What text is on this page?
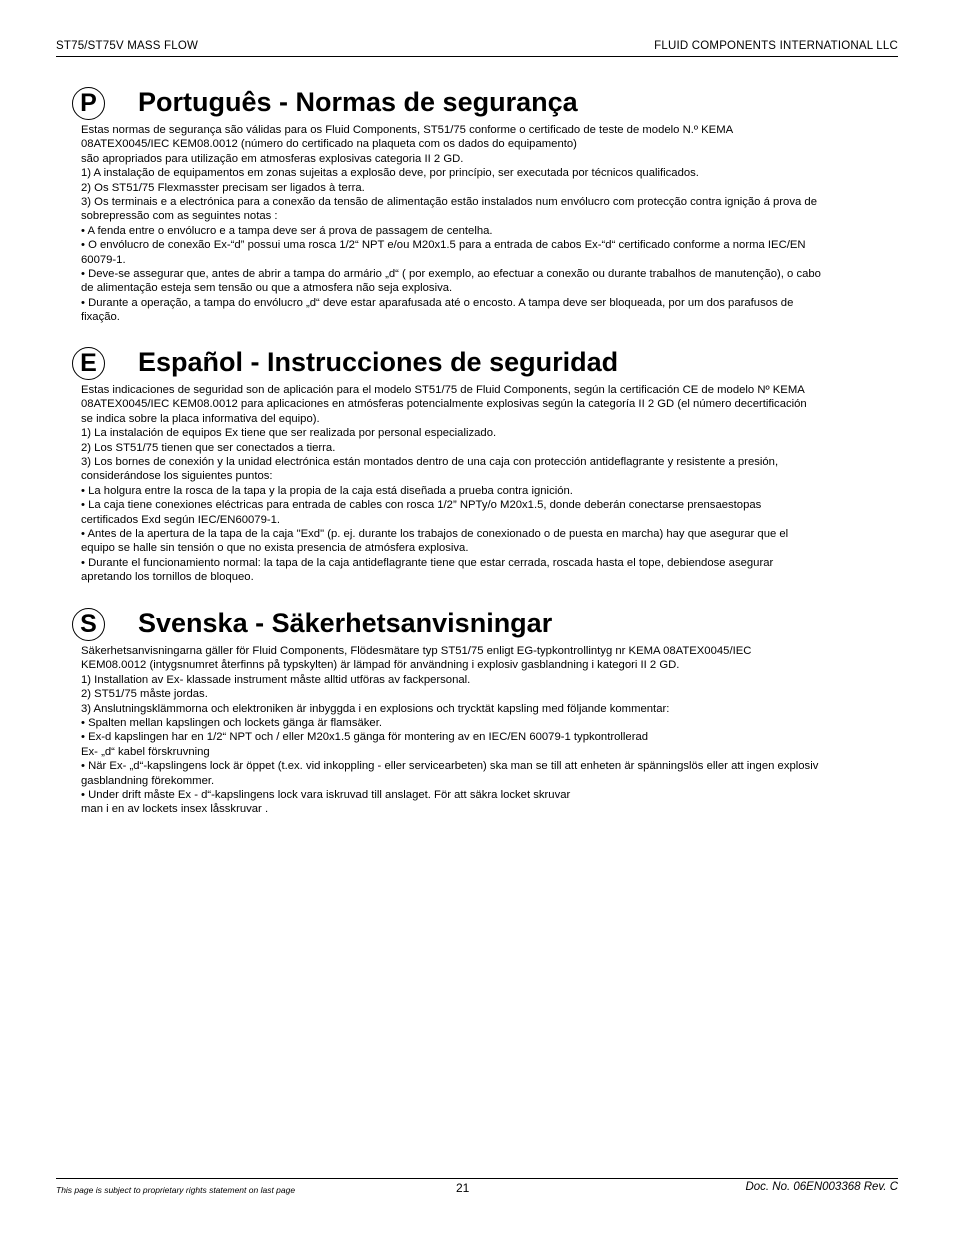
ST75/ST75V MASS FLOW	FLUID COMPONENTS INTERNATIONAL LLC
P	Português - Normas de segurança

Estas normas de segurança são válidas para os Fluid Components, ST51/75 conforme o certificado de teste de modelo N.º KEMA

08ATEX0045/IEC KEM08.0012 (número do certificado na plaqueta com os dados do equipamento)

são apropriados para utilização em atmosferas explosivas categoria II 2 GD.

1) A instalação de equipamentos em zonas sujeitas a explosão deve, por princípio, ser executada por técnicos qualificados.

2) Os ST51/75 Flexmasster precisam ser ligados à terra.

3) Os terminais e a electrónica para a conexão da tensão de alimentação estão instalados num envólucro com protecção contra ignição á prova de

sobrepressão com as seguintes notas :

• A fenda entre o envólucro e a tampa deve ser á prova de passagem de centelha.

• O envólucro de conexão Ex-“d” possui uma rosca 1/2“ NPT e/ou M20x1.5 para a entrada de cabos Ex-“d“ certificado conforme a norma IEC/EN

60079-1.

• Deve-se assegurar que, antes de abrir a tampa do armário „d“ ( por exemplo, ao efectuar a conexão ou durante trabalhos de manutenção), o cabo

de alimentação esteja sem tensão ou que a atmosfera não seja explosiva.

• Durante a operação, a tampa do envólucro „d“ deve estar aparafusada até o encosto. A tampa deve ser bloqueada, por um dos parafusos de

fixação.

E	Español - Instrucciones de seguridad

Estas indicaciones de seguridad son de aplicación para el modelo ST51/75 de Fluid Components, según la certificación CE de modelo Nº KEMA

08ATEX0045/IEC KEM08.0012 para aplicaciones en atmósferas potencialmente explosivas según la categoría II 2 GD (el número decertificación

se indica sobre la placa informativa del equipo).

1) La instalación de equipos Ex tiene que ser realizada por personal especializado.

2) Los ST51/75 tienen que ser conectados a tierra.

3) Los bornes de conexión y la unidad electrónica están montados dentro de una caja con protección antideflagrante y resistente a presión,

considerándose los siguientes puntos:

• La holgura entre la rosca de la tapa y la propia de la caja está diseñada a prueba contra ignición.

• La caja tiene conexiones eléctricas para entrada de cables con rosca 1/2” NPTy/o M20x1.5, donde deberán conectarse prensaestopas

certificados Exd según IEC/EN60079-1.

• Antes de la apertura de la tapa de la caja "Exd" (p. ej. durante los trabajos de conexionado o de puesta en marcha) hay que asegurar que el

equipo se halle sin tensión o que no exista presencia de atmósfera explosiva.

• Durante el funcionamiento normal: la tapa de la caja antideflagrante tiene que estar cerrada, roscada hasta el tope, debiendose asegurar

apretando los tornillos de bloqueo.

S	Svenska - Säkerhetsanvisningar

Säkerhetsanvisningarna gäller för Fluid Components, Flödesmätare typ ST51/75 enligt EG-typkontrollintyg nr KEMA 08ATEX0045/IEC

KEM08.0012 (intygsnumret återfinns på typskylten) är lämpad för användning i explosiv gasblandning i kategori II 2 GD.

1) Installation av Ex- klassade instrument måste alltid utföras av fackpersonal.

2) ST51/75 måste jordas.

3) Anslutningsklämmorna och elektroniken är inbyggda i en explosions och trycktät kapsling med följande kommentar:

• Spalten mellan kapslingen och lockets gänga är flamsäker.

• Ex-d kapslingen har en 1/2“ NPT och / eller M20x1.5 gänga för montering av en IEC/EN 60079-1 typkontrollerad

Ex- „d“ kabel förskruvning

• När Ex- „d“-kapslingens lock är öppet (t.ex. vid inkoppling - eller servicearbeten) ska man se till att enheten är spänningslös eller att ingen explosiv

gasblandning förekommer.

• Under drift måste Ex - d“-kapslingens lock vara iskruvad till anslaget. För att säkra locket skruvar

man i en av lockets insex låsskruvar .

This page is subject to proprietary rights statement on last page	21	Doc. No. 06EN003368 Rev. C
